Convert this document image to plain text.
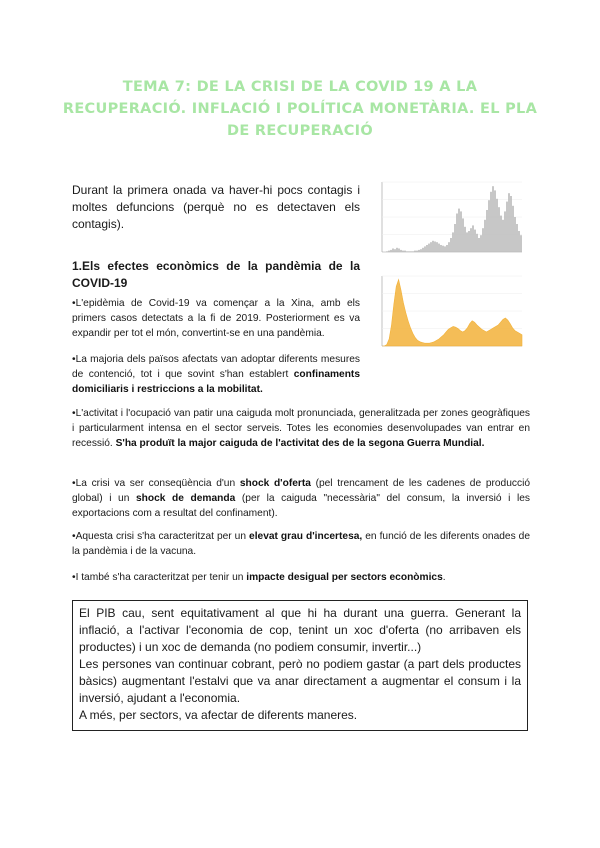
TEMA 7: DE LA CRISI DE LA COVID 19 A LA RECUPERACIÓ. INFLACIÓ I POLÍTICA MONETÀRIA. EL PLA DE RECUPERACIÓ
Durant la primera onada va haver-hi pocs contagis i moltes defuncions (perquè no es detectaven els contagis).
1.Els efectes econòmics de la pandèmia de la COVID-19
•L'epidèmia de Covid-19 va començar a la Xina, amb els primers casos detectats a la fi de 2019. Posteriorment es va expandir per tot el món, convertint-se en una pandèmia.
•La majoria dels països afectats van adoptar diferents mesures de contenció, tot i que sovint s'han establert confinaments domiciliaris i restriccions a la mobilitat.
•L'activitat i l'ocupació van patir una caiguda molt pronunciada, generalitzada per zones geogràfiques i particularment intensa en el sector serveis. Totes les economies desenvolupades van entrar en recessió. S'ha produït la major caiguda de l'activitat des de la segona Guerra Mundial.
•La crisi va ser conseqüència d'un shock d'oferta (pel trencament de les cadenes de producció global) i un shock de demanda (per la caiguda "necessària" del consum, la inversió i les exportacions com a resultat del confinament).
•Aquesta crisi s'ha caracteritzat per un elevat grau d'incertesa, en funció de les diferents onades de la pandèmia i de la vacuna.
•I també s'ha caracteritzat per tenir un impacte desigual per sectors econòmics.
El PIB cau, sent equitativament al que hi ha durant una guerra. Generant la inflació, a l'activar l'economia de cop, tenint un xoc d'oferta (no arribaven els productes) i un xoc de demanda (no podiem consumir, invertir...)
Les persones van continuar cobrant, però no podiem gastar (a part dels productes bàsics) augmentant l'estalvi que va anar directament a augmentar el consum i la inversió, ajudant a l'economia.
A més, per sectors, va afectar de diferents maneres.
